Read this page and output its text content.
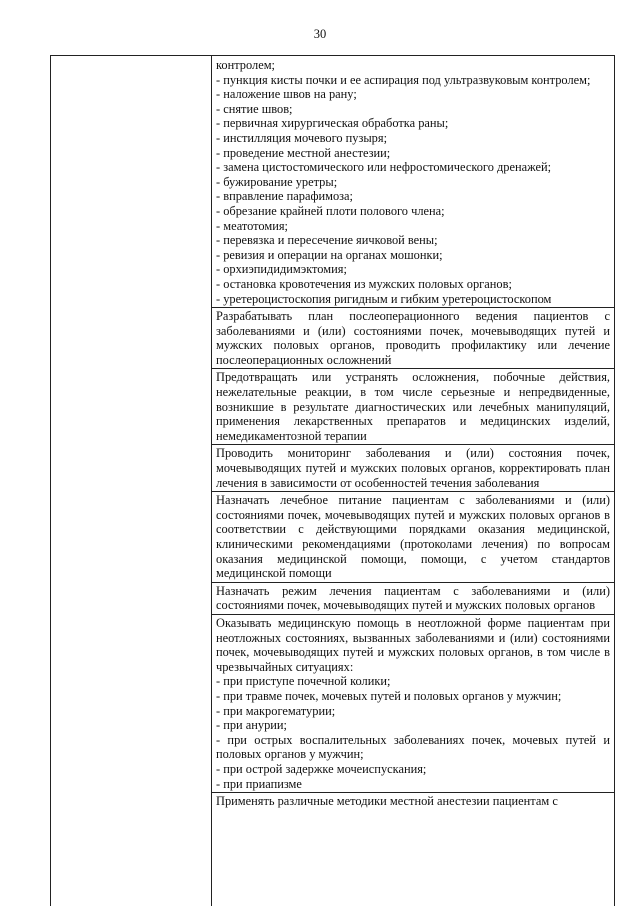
30
контролем;
- пункция кисты почки и ее аспирация под ультразвуковым контролем;
- наложение швов на рану;
- снятие швов;
- первичная хирургическая обработка раны;
- инстилляция мочевого пузыря;
- проведение местной анестезии;
- замена цистостомического или нефростомического дренажей;
- бужирование уретры;
- вправление парафимоза;
- обрезание крайней плоти полового члена;
- меатотомия;
- перевязка и пересечение яичковой вены;
- ревизия и операции на органах мошонки;
- орхиэпидидимэктомия;
- остановка кровотечения из мужских половых органов;
- уретероцистоскопия ригидным и гибким уретероцистоскопом
Разрабатывать план послеоперационного ведения пациентов с заболеваниями и (или) состояниями почек, мочевыводящих путей и мужских половых органов, проводить профилактику или лечение послеоперационных осложнений
Предотвращать или устранять осложнения, побочные действия, нежелательные реакции, в том числе серьезные и непредвиденные, возникшие в результате диагностических или лечебных манипуляций, применения лекарственных препаратов и медицинских изделий, немедикаментозной терапии
Проводить мониторинг заболевания и (или) состояния почек, мочевыводящих путей и мужских половых органов, корректировать план лечения в зависимости от особенностей течения заболевания
Назначать лечебное питание пациентам с заболеваниями и (или) состояниями почек, мочевыводящих путей и мужских половых органов в соответствии с действующими порядками оказания медицинской, клиническими рекомендациями (протоколами лечения) по вопросам оказания медицинской помощи, помощи, с учетом стандартов медицинской помощи
Назначать режим лечения пациентам с заболеваниями и (или) состояниями почек, мочевыводящих путей и мужских половых органов
Оказывать медицинскую помощь в неотложной форме пациентам при неотложных состояниях, вызванных заболеваниями и (или) состояниями почек, мочевыводящих путей и мужских половых органов, в том числе в чрезвычайных ситуациях:
- при приступе почечной колики;
- при травме почек, мочевых путей и половых органов у мужчин;
- при макрогематурии;
- при анурии;
- при острых воспалительных заболеваниях почек, мочевых путей и половых органов у мужчин;
- при острой задержке мочеиспускания;
- при приапизме
Применять различные методики местной анестезии пациентам с
